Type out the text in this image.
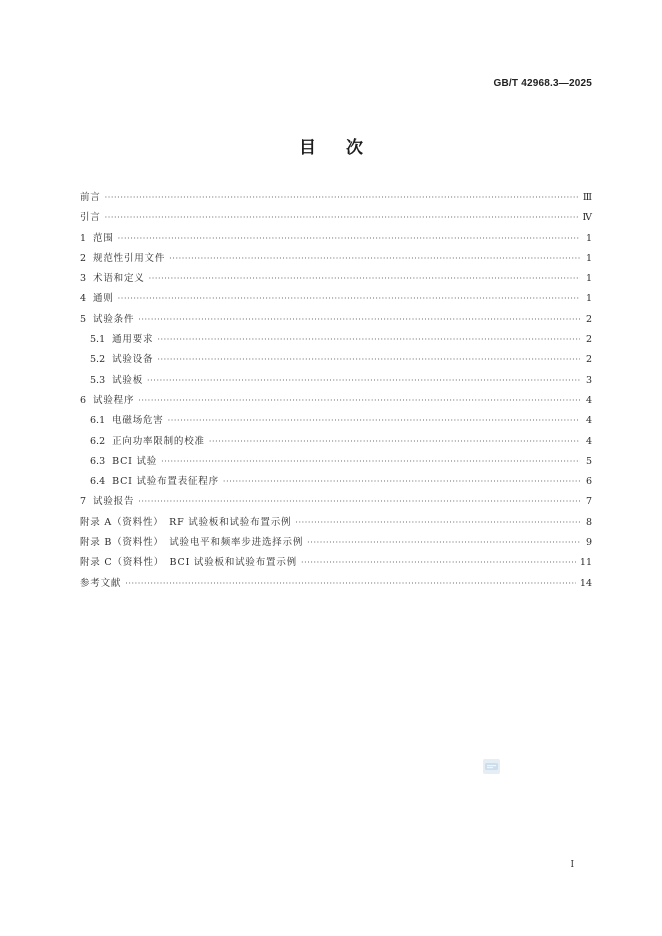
GB/T 42968.3—2025
目次
前言 ·····	Ⅲ
引言 ·····	Ⅳ
1 范围 ·····	1
2 规范性引用文件 ·····	1
3 术语和定义 ·····	1
4 通则 ·····	1
5 试验条件 ·····	2
5.1 通用要求 ·····	2
5.2 试验设备 ·····	2
5.3 试验板 ·····	3
6 试验程序 ·····	4
6.1 电磁场危害 ·····	4
6.2 正向功率限制的校准 ·····	4
6.3 BCI 试验 ·····	5
6.4 BCI 试验布置表征程序 ·····	6
7 试验报告 ·····	7
附录 A（资料性）　RF 试验板和试验布置示例 ·····	8
附录 B（资料性）　试验电平和频率步进选择示例 ·····	9
附录 C（资料性）　BCI 试验板和试验布置示例 ·····	11
参考文献 ·····	14
I
